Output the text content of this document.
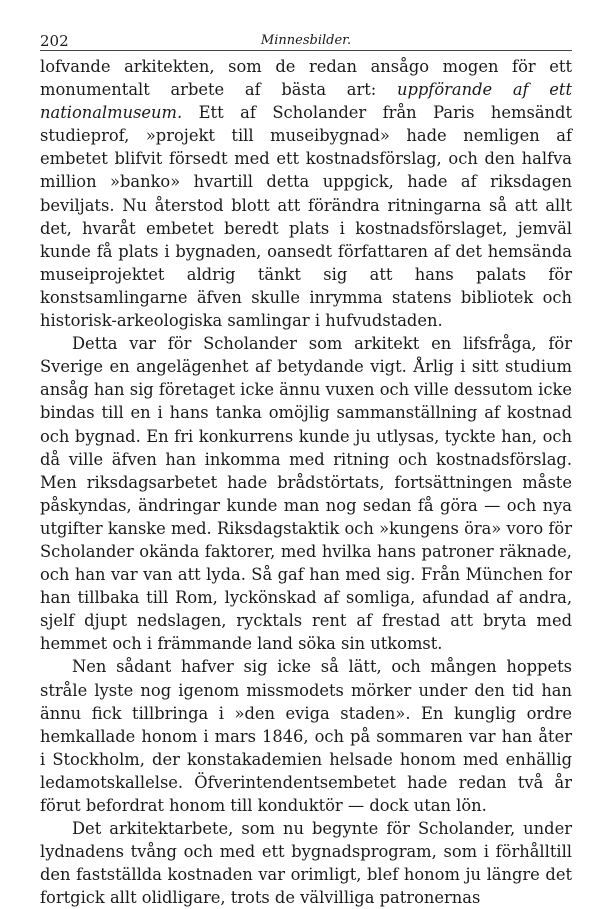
202	Minnesbilder.

lofvande arkitekten, som de redan ansågo mogen för ett monumentalt arbete af bästa art: uppförande af ett nationalmuseum. Ett af Scholander från Paris hemsändt studieprof, »projekt till museibygnad» hade nemligen af embetet blifvit försedt med ett kostnadsförslag, och den halfva million »banko» hvartill detta uppgick, hade af riksdagen beviljats. Nu återstod blott att förändra ritningarna så att allt det, hvaråt embetet beredt plats i kostnadsförslaget, jemväl kunde få plats i bygnaden, oansedt författaren af det hemsända museiprojektet aldrig tänkt sig att hans palats för konstsamlingarne äfven skulle inrymma statens bibliotek och historisk-arkeologiska samlingar i hufvudstaden.

Detta var för Scholander som arkitekt en lifsfråga, för Sverige en angelägenhet af betydande vigt. Årlig i sitt studium ansåg han sig företaget icke ännu vuxen och ville dessutom icke bindas till en i hans tanka omöjlig sammanställning af kostnad och bygnad. En fri konkurrens kunde ju utlysas, tyckte han, och då ville äfven han inkomma med ritning och kostnadsförslag. Men riksdagsarbetet hade brådstörtats, fortsättningen måste påskyndas, ändringar kunde man nog sedan få göra — och nya utgifter kanske med. Riksdagstaktik och »kungens öra» voro för Scholander okända faktorer, med hvilka hans patroner räknade, och han var van att lyda. Så gaf han med sig. Från München for han tillbaka till Rom, lyckönskad af somliga, afundad af andra, sjelf djupt nedslagen, rycktals rent af frestad att bryta med hemmet och i främmande land söka sin utkomst.

Nen sådant hafver sig icke så lätt, och mången hoppets stråle lyste nog igenom missmodets mörker under den tid han ännu fick tillbringa i »den eviga staden». En kunglig ordre hemkallade honom i mars 1846, och på sommaren var han åter i Stockholm, der konstakademien helsade honom med enhällig ledamotskallelse. Öfverintendentsembetet hade redan två år förut befordrat honom till konduktör — dock utan lön.

Det arkitektarbete, som nu begynte för Scholander, under lydnadens tvång och med ett bygnadsprogram, som i förhålltill den fastställda kostnaden var orimligt, blef honom ju längre det fortgick allt olidligare, trots de välvilliga patronernas
